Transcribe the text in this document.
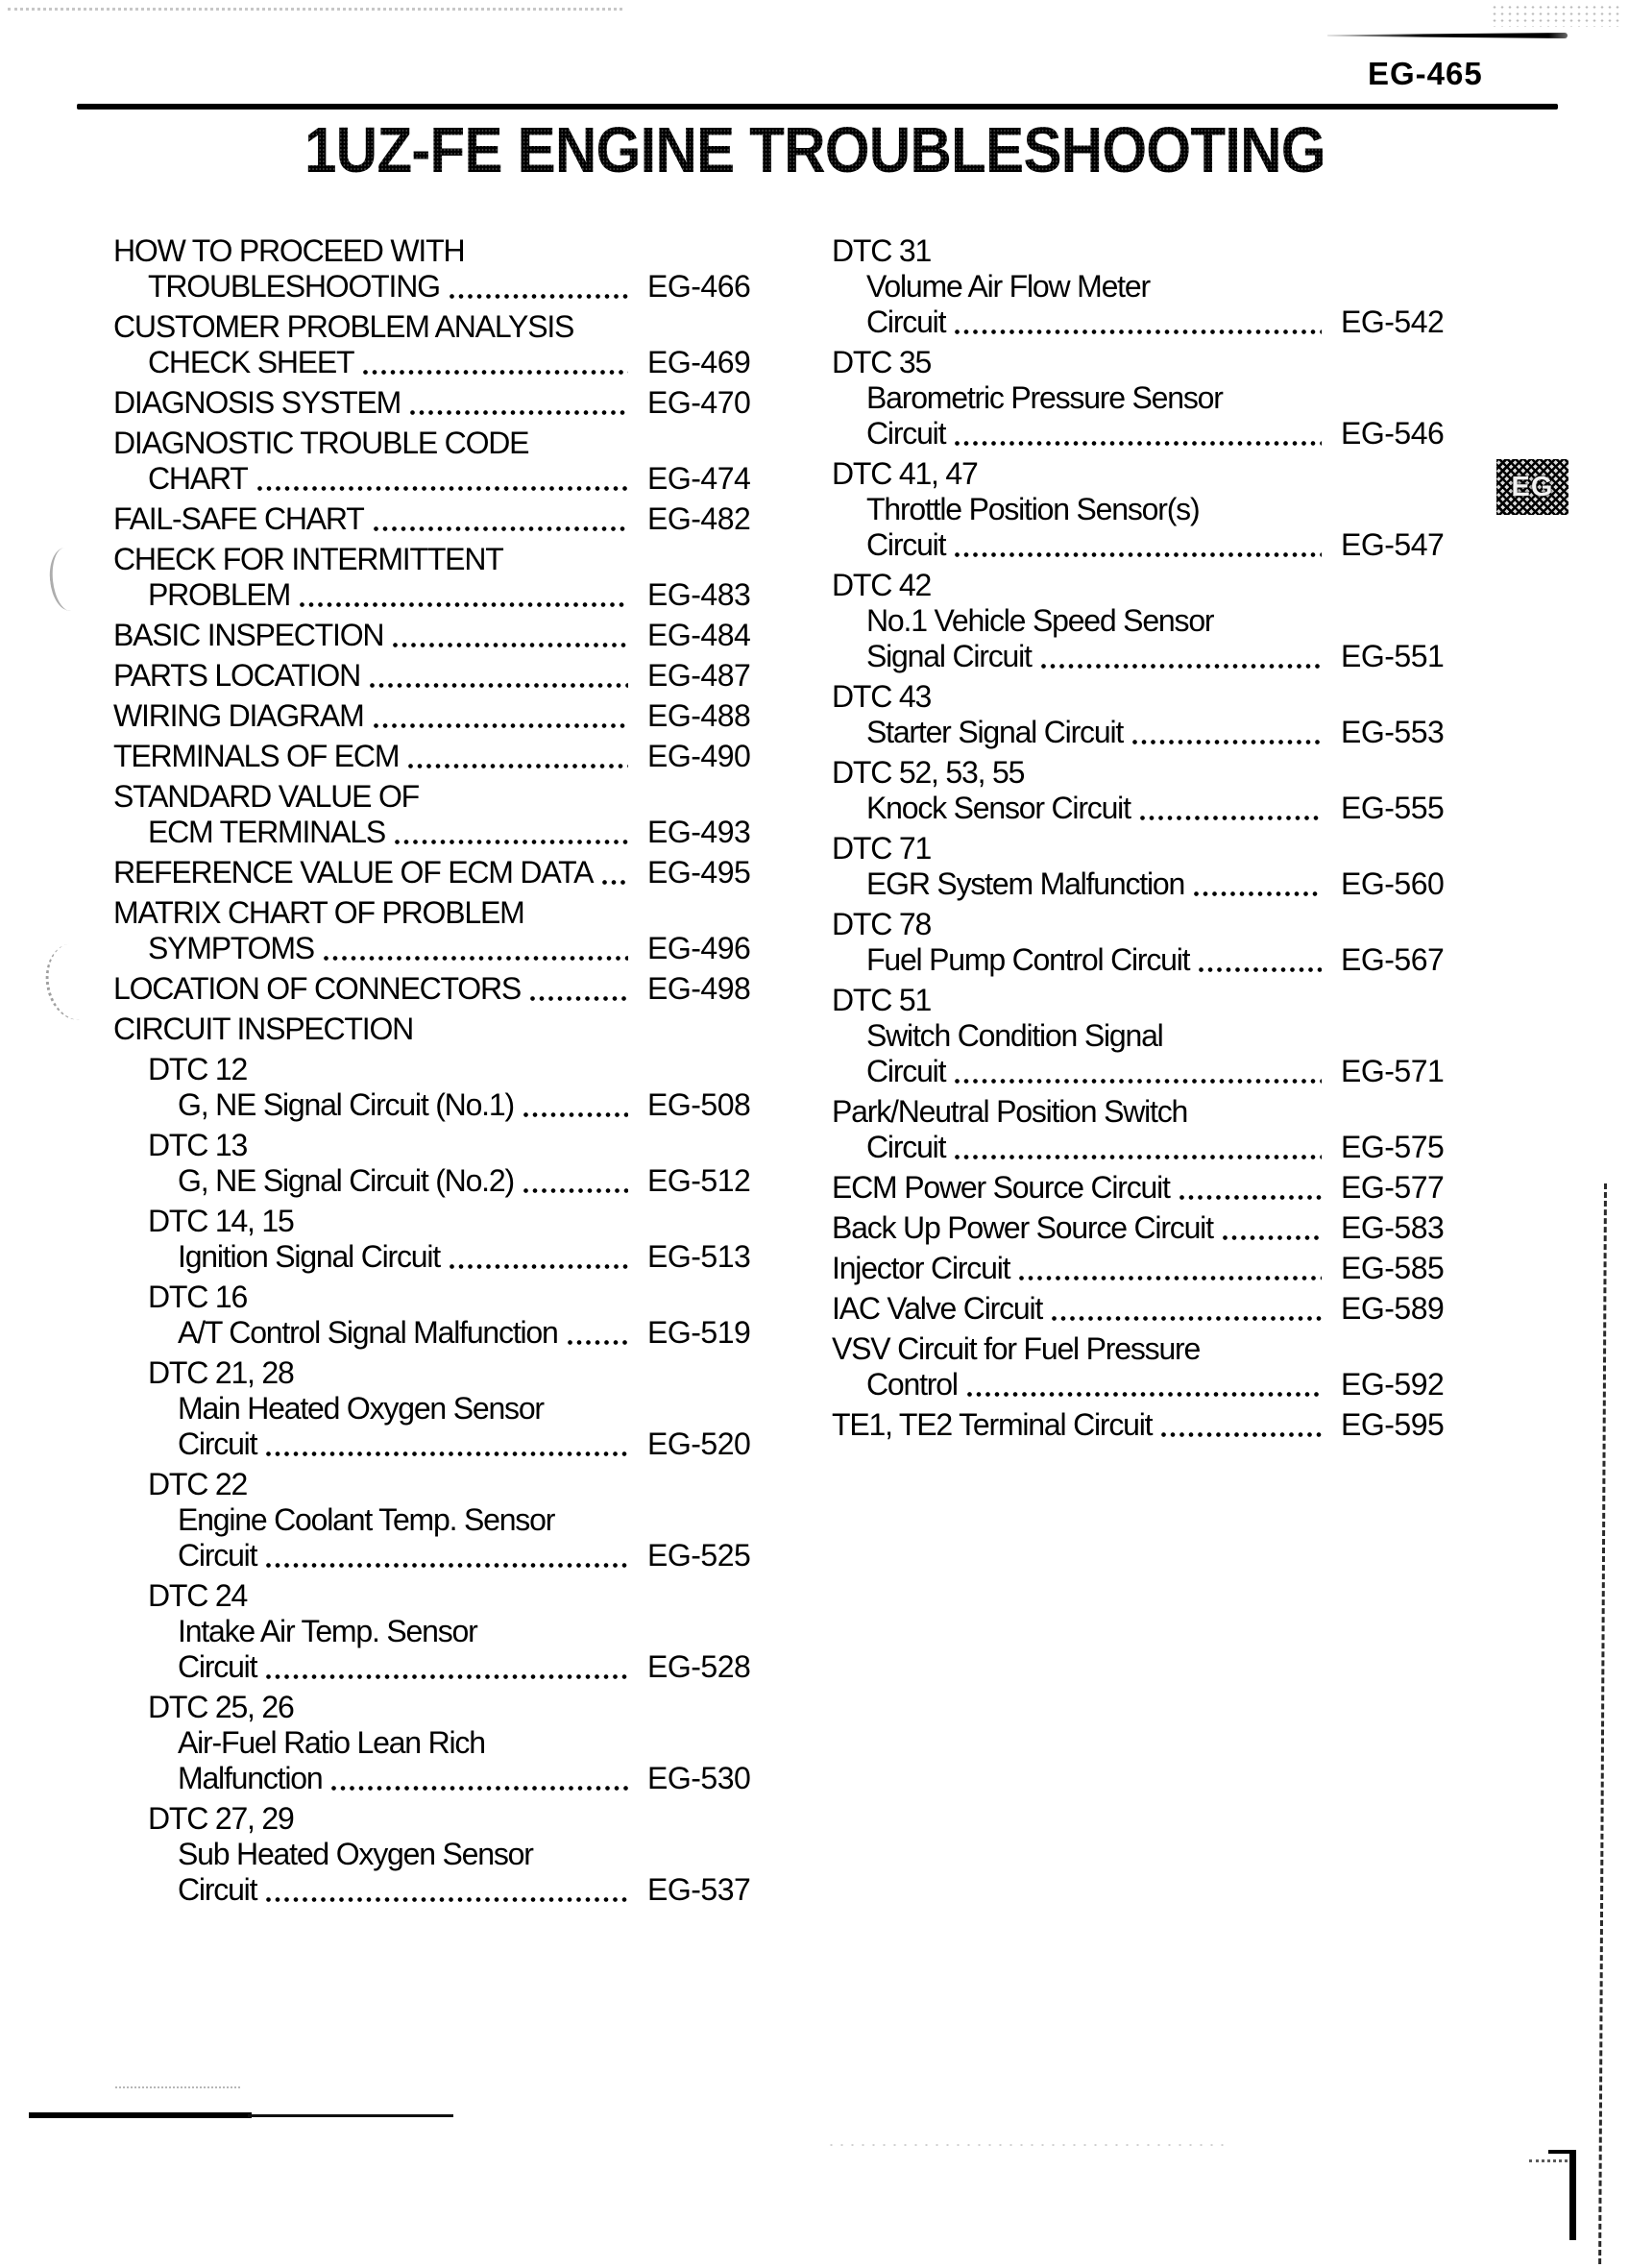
EG-465
1UZ-FE ENGINE TROUBLESHOOTING
EG
HOW TO PROCEED WITH
TROUBLESHOOTING	EG-466
CUSTOMER PROBLEM ANALYSIS
CHECK SHEET	EG-469
DIAGNOSIS SYSTEM	EG-470
DIAGNOSTIC TROUBLE CODE
CHART	EG-474
FAIL-SAFE CHART	EG-482
CHECK FOR INTERMITTENT
PROBLEM	EG-483
BASIC INSPECTION	EG-484
PARTS LOCATION	EG-487
WIRING DIAGRAM	EG-488
TERMINALS OF ECM	EG-490
STANDARD VALUE OF
ECM TERMINALS	EG-493
REFERENCE VALUE OF ECM DATA EG-495
MATRIX CHART OF PROBLEM
SYMPTOMS	EG-496
LOCATION OF CONNECTORS	EG-498
CIRCUIT INSPECTION
DTC 12
G, NE Signal Circuit (No.1)	EG-508
DTC 13
G, NE Signal Circuit (No.2)	EG-512
DTC 14, 15
Ignition Signal Circuit	EG-513
DTC 16
A/T Control Signal Malfunction	EG-519
DTC 21, 28
Main Heated Oxygen Sensor
Circuit	EG-520
DTC 22
Engine Coolant Temp. Sensor
Circuit	EG-525
DTC 24
Intake Air Temp. Sensor
Circuit	EG-528
DTC 25, 26
Air-Fuel Ratio Lean Rich
Malfunction	EG-530
DTC 27, 29
Sub Heated Oxygen Sensor
Circuit	EG-537
DTC 31
Volume Air Flow Meter
Circuit	EG-542
DTC 35
Barometric Pressure Sensor
Circuit	EG-546
DTC 41, 47
Throttle Position Sensor(s)
Circuit	EG-547
DTC 42
No.1 Vehicle Speed Sensor
Signal Circuit	EG-551
DTC 43
Starter Signal Circuit	EG-553
DTC 52, 53, 55
Knock Sensor Circuit	EG-555
DTC 71
EGR System Malfunction	EG-560
DTC 78
Fuel Pump Control Circuit	EG-567
DTC 51
Switch Condition Signal
Circuit	EG-571
Park/Neutral Position Switch
Circuit	EG-575
ECM Power Source Circuit	EG-577
Back Up Power Source Circuit	EG-583
Injector Circuit	EG-585
IAC Valve Circuit	EG-589
VSV Circuit for Fuel Pressure
Control	EG-592
TE1, TE2 Terminal Circuit	EG-595
